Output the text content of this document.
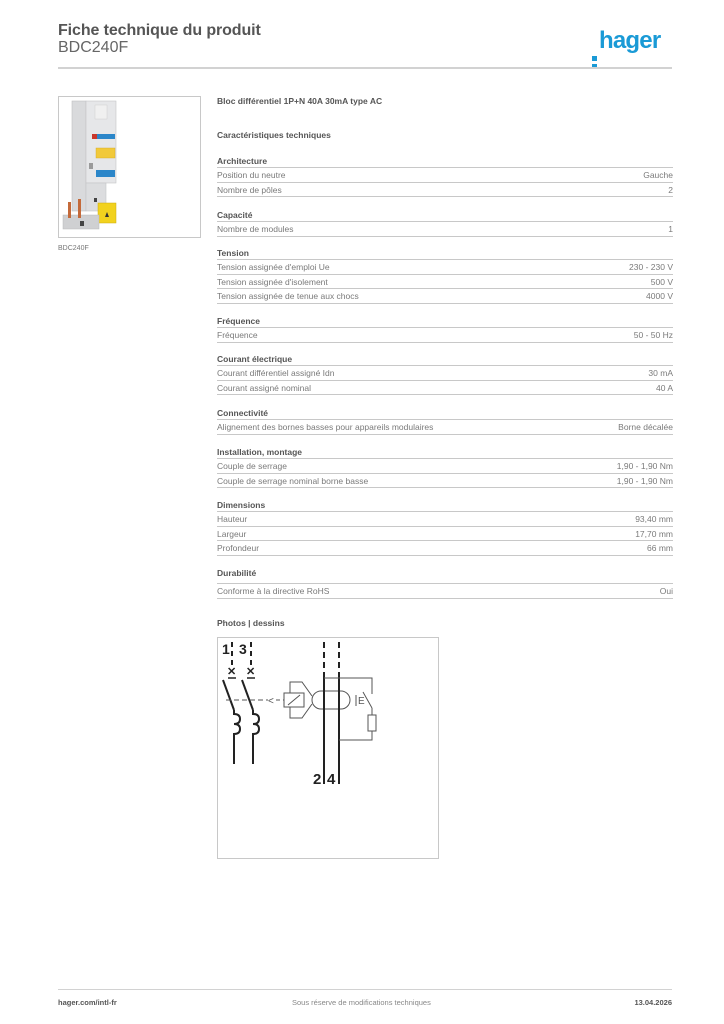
Fiche technique du produit
BDC240F	hager
BDC240F
Bloc différentiel 1P+N 40A 30mA type AC
Caractéristiques techniques
Architecture
Position du neutre	Gauche
Nombre de pôles	2
Capacité
Nombre de modules	1
Tension
Tension assignée d'emploi Ue	230 - 230 V
Tension assignée d'isolement	500 V
Tension assignée de tenue aux chocs	4000 V
Fréquence
Fréquence	50 - 50 Hz
Courant électrique
Courant différentiel assigné Idn	30 mA
Courant assigné nominal	40 A
Connectivité
Alignement des bornes basses pour appareils modulaires	Borne décalée
Installation, montage
Couple de serrage	1,90 - 1,90 Nm
Couple de serrage nominal borne basse	1,90 - 1,90 Nm
Dimensions
Hauteur	93,40 mm
Largeur	17,70 mm
Profondeur	66 mm
Durabilité
Conforme à la directive RoHS	Oui
Photos | dessins
1 3
✕ ✕
<	E
2 4
hager.com/intl-fr	Sous réserve de modifications techniques	13.04.2026
